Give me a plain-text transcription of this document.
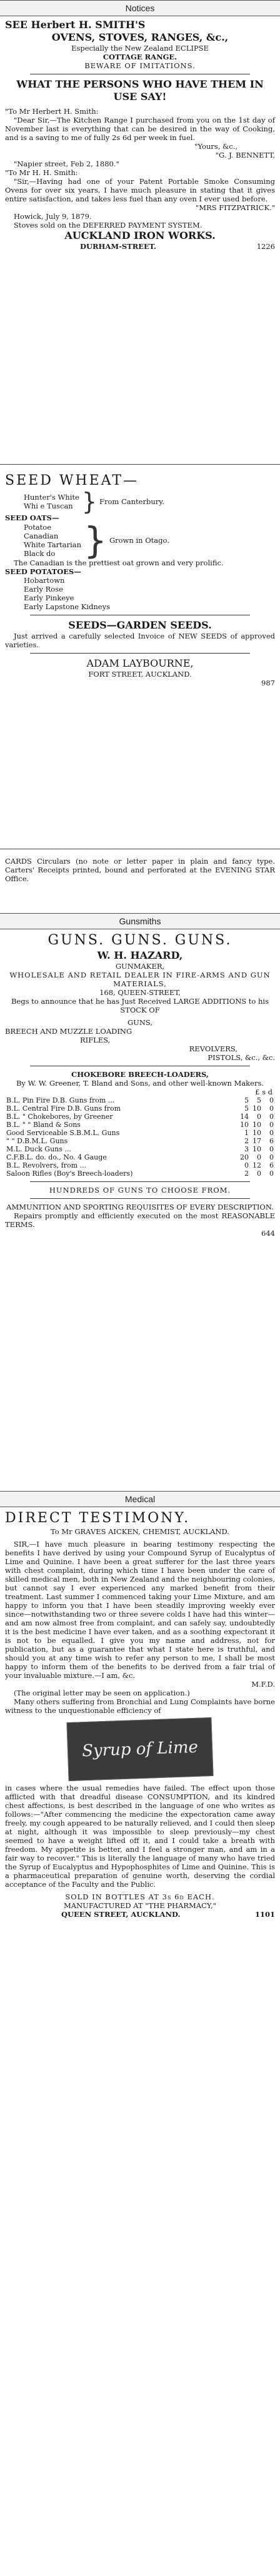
Notices

SEE Herbert H. SMITH'S

OVENS, STOVES, RANGES, &c.,

Especially the New Zealand ECLIPSE

COTTAGE RANGE.

BEWARE OF IMITATIONS.

WHAT THE PERSONS WHO HAVE THEM IN USE SAY!

"To Mr Herbert H. Smith:

"Dear Sir,—The Kitchen Range I purchased from you on the 1st day of November last is everything that can be desired in the way of Cooking, and is a saving to me of fully 2s 6d per week in fuel.

"Yours, &c.,

"G. J. BENNETT,

"Napier street, Feb 2, 1880."

"To Mr H. H. Smith:

"Sir,—Having had one of your Patent Portable Smoke Consuming Ovens for over six years, I have much pleasure in stating that it gives entire satisfaction, and takes less fuel than any oven I ever used before.

"MRS FITZPATRICK."

Howick, July 9, 1879.

Stoves sold on the DEFERRED PAYMENT SYSTEM.

AUCKLAND IRON WORKS.

DURHAM-STREET.	1226

SEED WHEAT—

Hunter's White

Whi e Tuscan } From Canterbury.

SEED OATS—

Potatoe

Canadian

White Tartarian

Black do } Grown in Otago.

The Canadian is the prettiest oat grown and very prolific.

SEED POTATOES—

Hobartown

Early Rose

Early Pinkeye

Early Lapstone Kidneys

SEEDS—GARDEN SEEDS.

Just arrived a carefully selected Invoice of NEW SEEDS of approved varieties.

ADAM LAYBOURNE,

FORT STREET, AUCKLAND.

987

CARDS Circulars (no note or letter paper in plain and fancy type. Carters' Receipts printed, bound and perforated at the EVENING STAR Office.

Gunsmiths

GUNS. GUNS. GUNS.

W. H. HAZARD,

GUNMAKER,

WHOLESALE AND RETAIL DEALER IN FIRE-ARMS AND GUN MATERIALS,

168, QUEEN-STREET,

Begs to announce that he has Just Received LARGE ADDITIONS to his STOCK OF

GUNS,

BREECH AND MUZZLE LOADING

RIFLES,

REVOLVERS,

PISTOLS, &c., &c.

CHOKEBORE BREECH-LOADERS,

By W. W. Greener, T. Bland and Sons, and other well-known Makers.

£ s d

B.L. Pin Fire D.B. Guns from ...	5	5	0
B.L. Central Fire D.B. Guns from	5	10	0
B.L. " Chokebores, by Greener	14	0	0
B.L. " " Bland & Sons	10	10	0
Good Serviceable S.B.M.L. Guns	1	10	0
" " D.B.M.L. Guns	2	17	6
M.L. Duck Guns ...	3	10	0
C.F.B.L. do. do., No. 4 Gauge	20	0	0
B.L. Revolvers, from ...	0	12	6
Saloon Rifles (Boy's Breech-loaders)	2	0	0

HUNDREDS OF GUNS TO CHOOSE FROM.

AMMUNITION AND SPORTING REQUISITES OF EVERY DESCRIPTION.

Repairs promptly and efficiently executed on the most REASONABLE TERMS.

644

Medical

DIRECT TESTIMONY.

To Mr GRAVES AICKEN, CHEMIST, AUCKLAND.

SIR,—I have much pleasure in bearing testimony respecting the benefits I have derived by using your Compound Syrup of Eucalyptus of Lime and Quinine. I have been a great sufferer for the last three years with chest complaint, during which time I have been under the care of skilled medical men, both in New Zealand and the neighbouring colonies, but cannot say I ever experienced any marked benefit from their treatment. Last summer I commenced taking your Lime Mixture, and am happy to inform you that I have been steadily improving weekly ever since—notwithstanding two or three severe colds I have had this winter—and am now almost free from complaint, and can safely say, undoubtedly it is the best medicine I have ever taken, and as a soothing expectorant it is not to be equalled. I give you my name and address, not for publication, but as a guarantee that what I state here is truthful, and should you at any time wish to refer any person to me, I shall be most happy to inform them of the benefits to be derived from a fair trial of your invaluable mixture.—I am, &c.

M.F.D.

(The original letter may be seen on application.)

Many others suffering from Bronchial and Lung Complaints have borne witness to the unquestionable efficiency of

Syrup of Lime

in cases where the usual remedies have failed. The effect upon those afflicted with that dreadful disease CONSUMPTION, and its kindred chest affections, is best described in the language of one who writes as follows:—"After commencing the medicine the expectoration came away freely, my cough appeared to be naturally relieved, and I could then sleep at night, although it was impossible to sleep previously—my chest seemed to have a weight lifted off it, and I could take a breath with freedom. My appetite is better, and I feel a stronger man, and am in a fair way to recover." This is literally the language of many who have tried the Syrup of Eucalyptus and Hypophosphites of Lime and Quinine. This is a pharmaceutical preparation of genuine worth, deserving the cordial acceptance of the Faculty and the Public.

SOLD IN BOTTLES AT 3s 6d EACH.

MANUFACTURED AT "THE PHARMACY,"

QUEEN STREET, AUCKLAND.	1101
